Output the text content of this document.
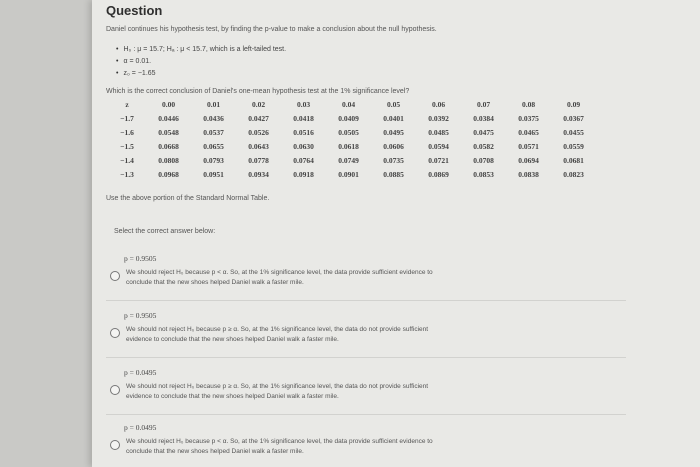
Question
Daniel continues his hypothesis test, by finding the p-value to make a conclusion about the null hypothesis.
• H₀ : μ = 15.7; Hₐ : μ < 15.7, which is a left-tailed test.
• α = 0.01.
• z₀ = −1.65
Which is the correct conclusion of Daniel's one-mean hypothesis test at the 1% significance level?
z	0.00	0.01	0.02	0.03	0.04	0.05	0.06	0.07	0.08	0.09
−1.7	0.0446	0.0436	0.0427	0.0418	0.0409	0.0401	0.0392	0.0384	0.0375	0.0367
−1.6	0.0548	0.0537	0.0526	0.0516	0.0505	0.0495	0.0485	0.0475	0.0465	0.0455
−1.5	0.0668	0.0655	0.0643	0.0630	0.0618	0.0606	0.0594	0.0582	0.0571	0.0559
−1.4	0.0808	0.0793	0.0778	0.0764	0.0749	0.0735	0.0721	0.0708	0.0694	0.0681
−1.3	0.0968	0.0951	0.0934	0.0918	0.0901	0.0885	0.0869	0.0853	0.0838	0.0823
Use the above portion of the Standard Normal Table.
Select the correct answer below:
p = 0.9505
We should reject H₀ because p < α. So, at the 1% significance level, the data provide sufficient evidence to
conclude that the new shoes helped Daniel walk a faster mile.
p = 0.9505
We should not reject H₀ because p ≥ α. So, at the 1% significance level, the data do not provide sufficient
evidence to conclude that the new shoes helped Daniel walk a faster mile.
p = 0.0495
We should not reject H₀ because p ≥ α. So, at the 1% significance level, the data do not provide sufficient
evidence to conclude that the new shoes helped Daniel walk a faster mile.
p = 0.0495
We should reject H₀ because p < α. So, at the 1% significance level, the data provide sufficient evidence to
conclude that the new shoes helped Daniel walk a faster mile.
